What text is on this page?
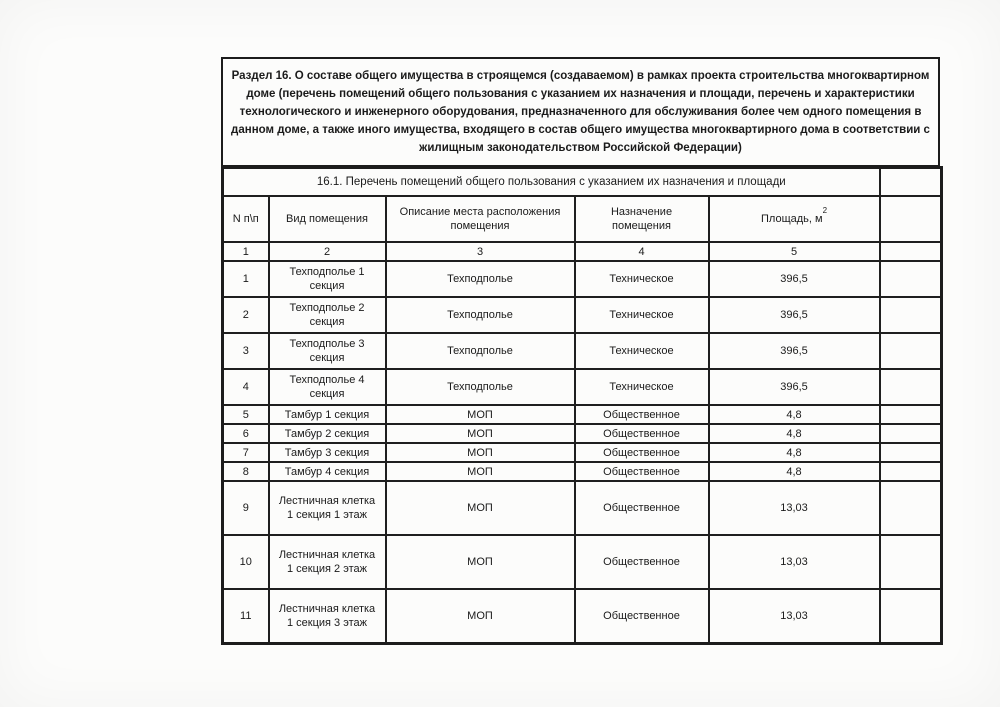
Раздел 16. О составе общего имущества в строящемся (создаваемом) в рамках проекта строительства многоквартирном доме (перечень помещений общего пользования с указанием их назначения и площади, перечень и характеристики технологического и инженерного оборудования, предназначенного для обслуживания более чем одного помещения в данном доме, а также иного имущества, входящего в состав общего имущества многоквартирного дома в соответствии с жилищным законодательством Российской Федерации)
16.1. Перечень помещений общего пользования с указанием их назначения и площади					
N п\п	Вид помещения	Описание места расположения помещения	Назначение помещения	Площадь, $м^2$	
1	2	3	4	5	
1	Техподполье 1 секция	Техподполье	Техническое	396,5	
2	Техподполье 2 секция	Техподполье	Техническое	396,5	
3	Техподполье 3 секция	Техподполье	Техническое	396,5	
4	Техподполье 4 секция	Техподполье	Техническое	396,5	
5	Тамбур 1 секция	МОП	Общественное	4,8	
6	Тамбур 2 секция	МОП	Общественное	4,8	
7	Тамбур 3 секция	МОП	Общественное	4,8	
8	Тамбур 4 секция	МОП	Общественное	4,8	
9	Лестничная клетка 1 секция 1 этаж	МОП	Общественное	13,03	
10	Лестничная клетка 1 секция 2 этаж	МОП	Общественное	13,03	
11	Лестничная клетка 1 секция 3 этаж	МОП	Общественное	13,03	
